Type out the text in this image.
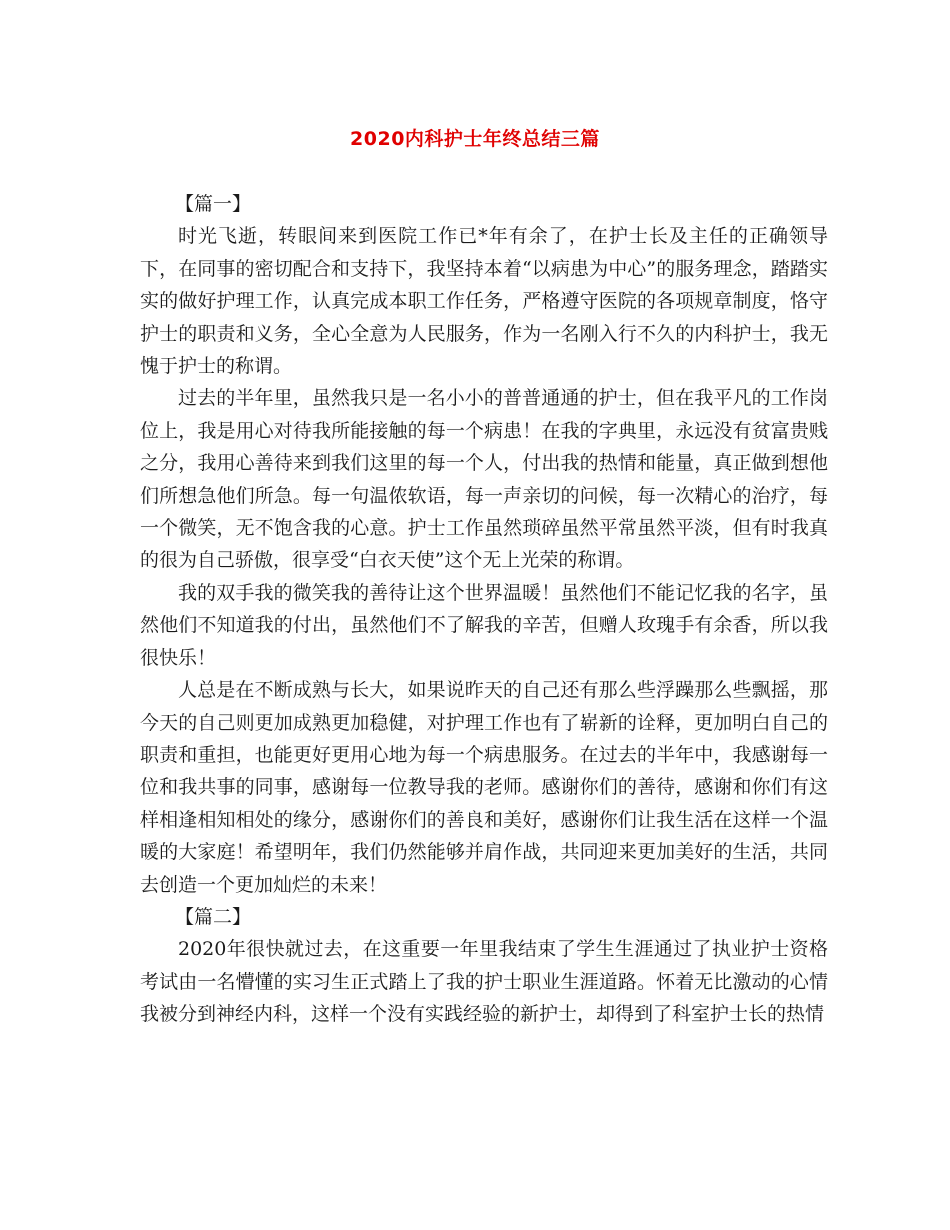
2020内科护士年终总结三篇

【篇一】

时光飞逝，转眼间来到医院工作已*年有余了，在护士长及主任的正确领导下，在同事的密切配合和支持下，我坚持本着“以病患为中心”的服务理念，踏踏实实的做好护理工作，认真完成本职工作任务，严格遵守医院的各项规章制度，恪守护士的职责和义务，全心全意为人民服务，作为一名刚入行不久的内科护士，我无愧于护士的称谓。

过去的半年里，虽然我只是一名小小的普普通通的护士，但在我平凡的工作岗位上，我是用心对待我所能接触的每一个病患！在我的字典里，永远没有贫富贵贱之分，我用心善待来到我们这里的每一个人，付出我的热情和能量，真正做到想他们所想急他们所急。每一句温侬软语，每一声亲切的问候，每一次精心的治疗，每一个微笑，无不饱含我的心意。护士工作虽然琐碎虽然平常虽然平淡，但有时我真的很为自己骄傲，很享受“白衣天使”这个无上光荣的称谓。

我的双手我的微笑我的善待让这个世界温暖！虽然他们不能记忆我的名字，虽然他们不知道我的付出，虽然他们不了解我的辛苦，但赠人玫瑰手有余香，所以我很快乐！

人总是在不断成熟与长大，如果说昨天的自己还有那么些浮躁那么些飘摇，那今天的自己则更加成熟更加稳健，对护理工作也有了崭新的诠释，更加明白自己的职责和重担，也能更好更用心地为每一个病患服务。在过去的半年中，我感谢每一位和我共事的同事，感谢每一位教导我的老师。感谢你们的善待，感谢和你们有这样相逢相知相处的缘分，感谢你们的善良和美好，感谢你们让我生活在这样一个温暖的大家庭！希望明年，我们仍然能够并肩作战，共同迎来更加美好的生活，共同去创造一个更加灿烂的未来！

【篇二】

2020年很快就过去，在这重要一年里我结束了学生生涯通过了执业护士资格考试由一名懵懂的实习生正式踏上了我的护士职业生涯道路。怀着无比激动的心情我被分到神经内科，这样一个没有实践经验的新护士，却得到了科室护士长的热情
